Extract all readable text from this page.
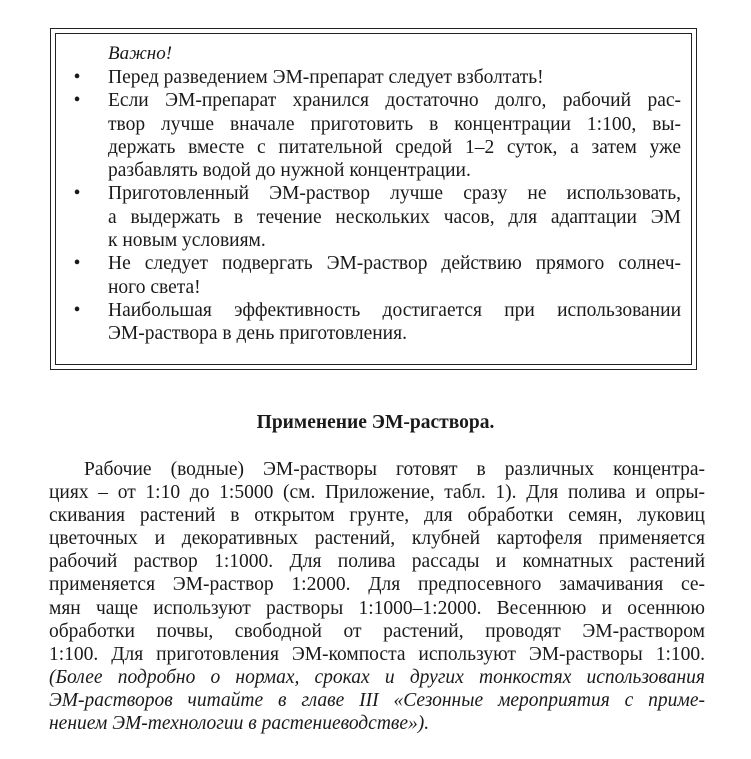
Важно!
•	Перед разведением ЭМ-препарат следует взболтать!
•	Если ЭМ-препарат хранился достаточно долго, рабочий рас-
твор лучше вначале приготовить в концентрации 1:100, вы-
держать вместе с питательной средой 1–2 суток, а затем уже
разбавлять водой до нужной концентрации.
•	Приготовленный ЭМ-раствор лучше сразу не использовать,
а выдержать в течение нескольких часов, для адаптации ЭМ
к новым условиям.
•	Не следует подвергать ЭМ-раствор действию прямого солнеч-
ного света!
•	Наибольшая эффективность достигается при использовании
ЭМ-раствора в день приготовления.
Применение ЭМ-раствора.
Рабочие (водные) ЭМ-растворы готовят в различных концентра-
циях – от 1:10 до 1:5000 (см. Приложение, табл. 1). Для полива и опры-
скивания растений в открытом грунте, для обработки семян, луковиц
цветочных и декоративных растений, клубней картофеля применяется
рабочий раствор 1:1000. Для полива рассады и комнатных растений
применяется ЭМ-раствор 1:2000. Для предпосевного замачивания се-
мян чаще используют растворы 1:1000–1:2000. Весеннюю и осеннюю
обработки почвы, свободной от растений, проводят ЭМ-раствором
1:100. Для приготовления ЭМ-компоста используют ЭМ-растворы 1:100.
(Более подробно о нормах, сроках и других тонкостях использования
ЭМ-растворов читайте в главе III «Сезонные мероприятия с приме-
нением ЭМ-технологии в растениеводстве»).
